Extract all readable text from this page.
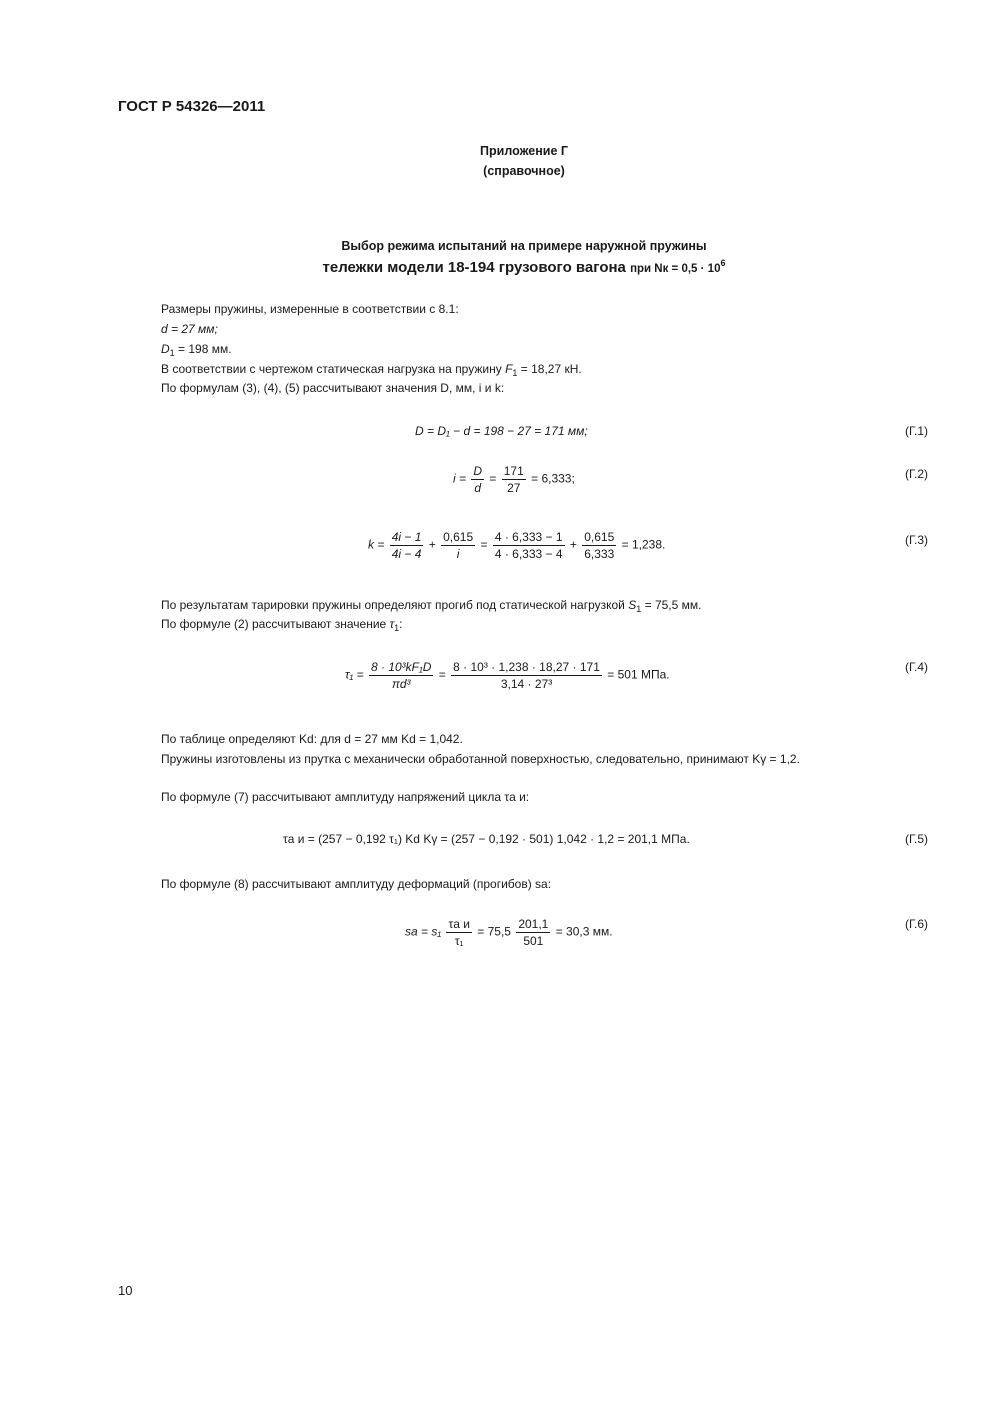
ГОСТ Р 54326—2011
Приложение Г
(справочное)
Выбор режима испытаний на примере наружной пружины
тележки модели 18-194 грузового вагона при Nк = $0,5 \cdot 10^6$
Размеры пружины, измеренные в соответствии с 8.1:
d = 27 мм;
$D_1 = 198$ мм.
В соответствии с чертежом статическая нагрузка на пружину $F_1 = 18,27$ кН.
По формулам (3), (4), (5) рассчитывают значения D, мм, i и k:
D = D₁ − d = 198 − 27 = 171 мм;	(Г.1)
$i = \frac{D}{d} = \frac{171}{27} = 6,333$;	(Г.2)
$k = \frac{4i - 1}{4i - 4} + \frac{0,615}{i} = \frac{4 \cdot 6,333 - 1}{4 \cdot 6,333 - 4} + \frac{0,615}{6,333} = 1,238$.	(Г.3)
По результатам тарировки пружины определяют прогиб под статической нагрузкой $S_1 = 75,5$ мм.
По формуле (2) рассчитывают значение $\tau_1$:
$\tau_1 = \frac{\text{8 · 10³kF₁D}}{\text{πd³}} = \frac{\text{8 · 10³ · 1,238 · 18,27 · 171}}{\text{3,14 · 27³}} = 501$ МПа.
(Г.4)
По таблице определяют Kd: для d = 27 мм Kd = 1,042.
Пружины изготовлены из прутка с механически обработанной поверхностью, следовательно, принимают Kγ = 1,2.
По формуле (7) рассчитывают амплитуду напряжений цикла τа и:
τа и = (257 − 0,192 τ₁) Kd Kγ = (257 − 0,192 · 501) 1,042 · 1,2 = 201,1 МПа.	(Г.5)
По формуле (8) рассчитывают амплитуду деформаций (прогибов) sа:
sа = $s_1 \frac{\text{τа и}}{\text{τ₁}} = 75,5 \frac{201,1}{501} = 30,3$ мм.
(Г.6)
10
